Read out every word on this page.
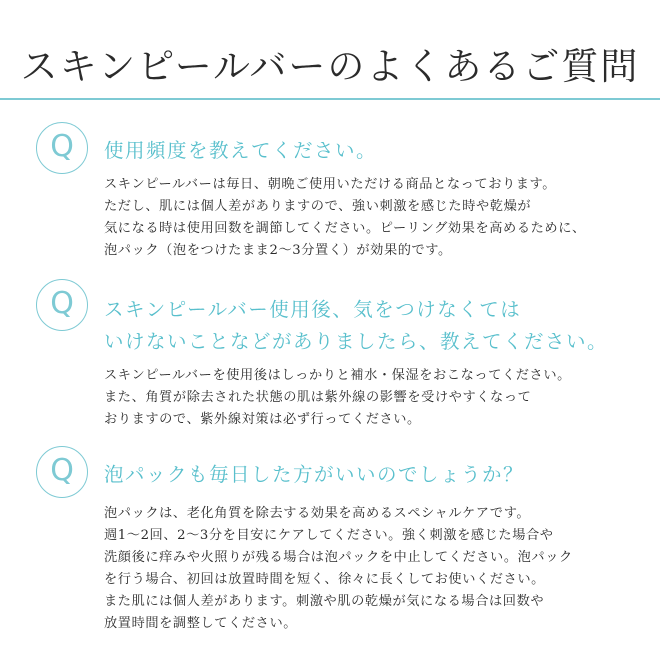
スキンピールバーのよくあるご質問
Q	使用頻度を教えてください。
スキンピールバーは毎日、朝晩ご使用いただける商品となっております。
ただし、肌には個人差がありますので、強い刺激を感じた時や乾燥が
気になる時は使用回数を調節してください。ピーリング効果を高めるために、
泡パック（泡をつけたまま2〜3分置く）が効果的です。
Q	スキンピールバー使用後、気をつけなくては
いけないことなどがありましたら、教えてください。
スキンピールバーを使用後はしっかりと補水・保湿をおこなってください。
また、角質が除去された状態の肌は紫外線の影響を受けやすくなって
おりますので、紫外線対策は必ず行ってください。
Q	泡パックも毎日した方がいいのでしょうか？
泡パックは、老化角質を除去する効果を高めるスペシャルケアです。
週1〜2回、2〜3分を目安にケアしてください。強く刺激を感じた場合や
洗顔後に痒みや火照りが残る場合は泡パックを中止してください。泡パック
を行う場合、初回は放置時間を短く、徐々に長くしてお使いください。
また肌には個人差があります。刺激や肌の乾燥が気になる場合は回数や
放置時間を調整してください。
